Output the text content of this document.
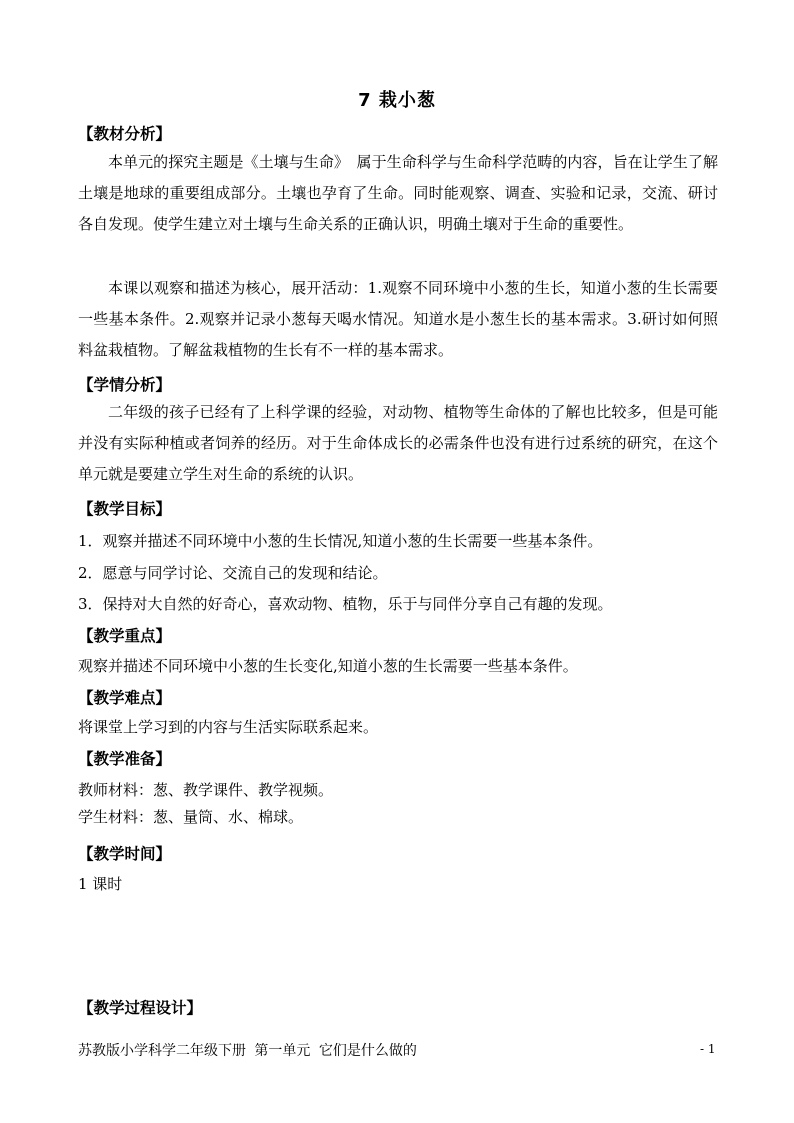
7 栽小葱
【教材分析】
本单元的探究主题是《土壤与生命》　属于生命科学与生命科学范畴的内容，旨在让学生了解土壤是地球的重要组成部分。土壤也孕育了生命。同时能观察、调查、实验和记录，交流、研讨各自发现。使学生建立对土壤与生命关系的正确认识，明确土壤对于生命的重要性。
本课以观察和描述为核心，展开活动：1.观察不同环境中小葱的生长，知道小葱的生长需要一些基本条件。2.观察并记录小葱每天喝水情况。知道水是小葱生长的基本需求。3.研讨如何照料盆栽植物。了解盆栽植物的生长有不一样的基本需求。
【学情分析】
二年级的孩子已经有了上科学课的经验，对动物、植物等生命体的了解也比较多，但是可能并没有实际种植或者饲养的经历。对于生命体成长的必需条件也没有进行过系统的研究，在这个单元就是要建立学生对生命的系统的认识。
【教学目标】
1．观察并描述不同环境中小葱的生长情况,知道小葱的生长需要一些基本条件。
2．愿意与同学讨论、交流自己的发现和结论。
3．保持对大自然的好奇心，喜欢动物、植物，乐于与同伴分享自己有趣的发现。
【教学重点】
观察并描述不同环境中小葱的生长变化,知道小葱的生长需要一些基本条件。
【教学难点】
将课堂上学习到的内容与生活实际联系起来。
【教学准备】
教师材料：葱、教学课件、教学视频。
学生材料：葱、量筒、水、棉球。
【教学时间】
1 课时
【教学过程设计】
苏教版小学科学二年级下册 第一单元 它们是什么做的	- 1
